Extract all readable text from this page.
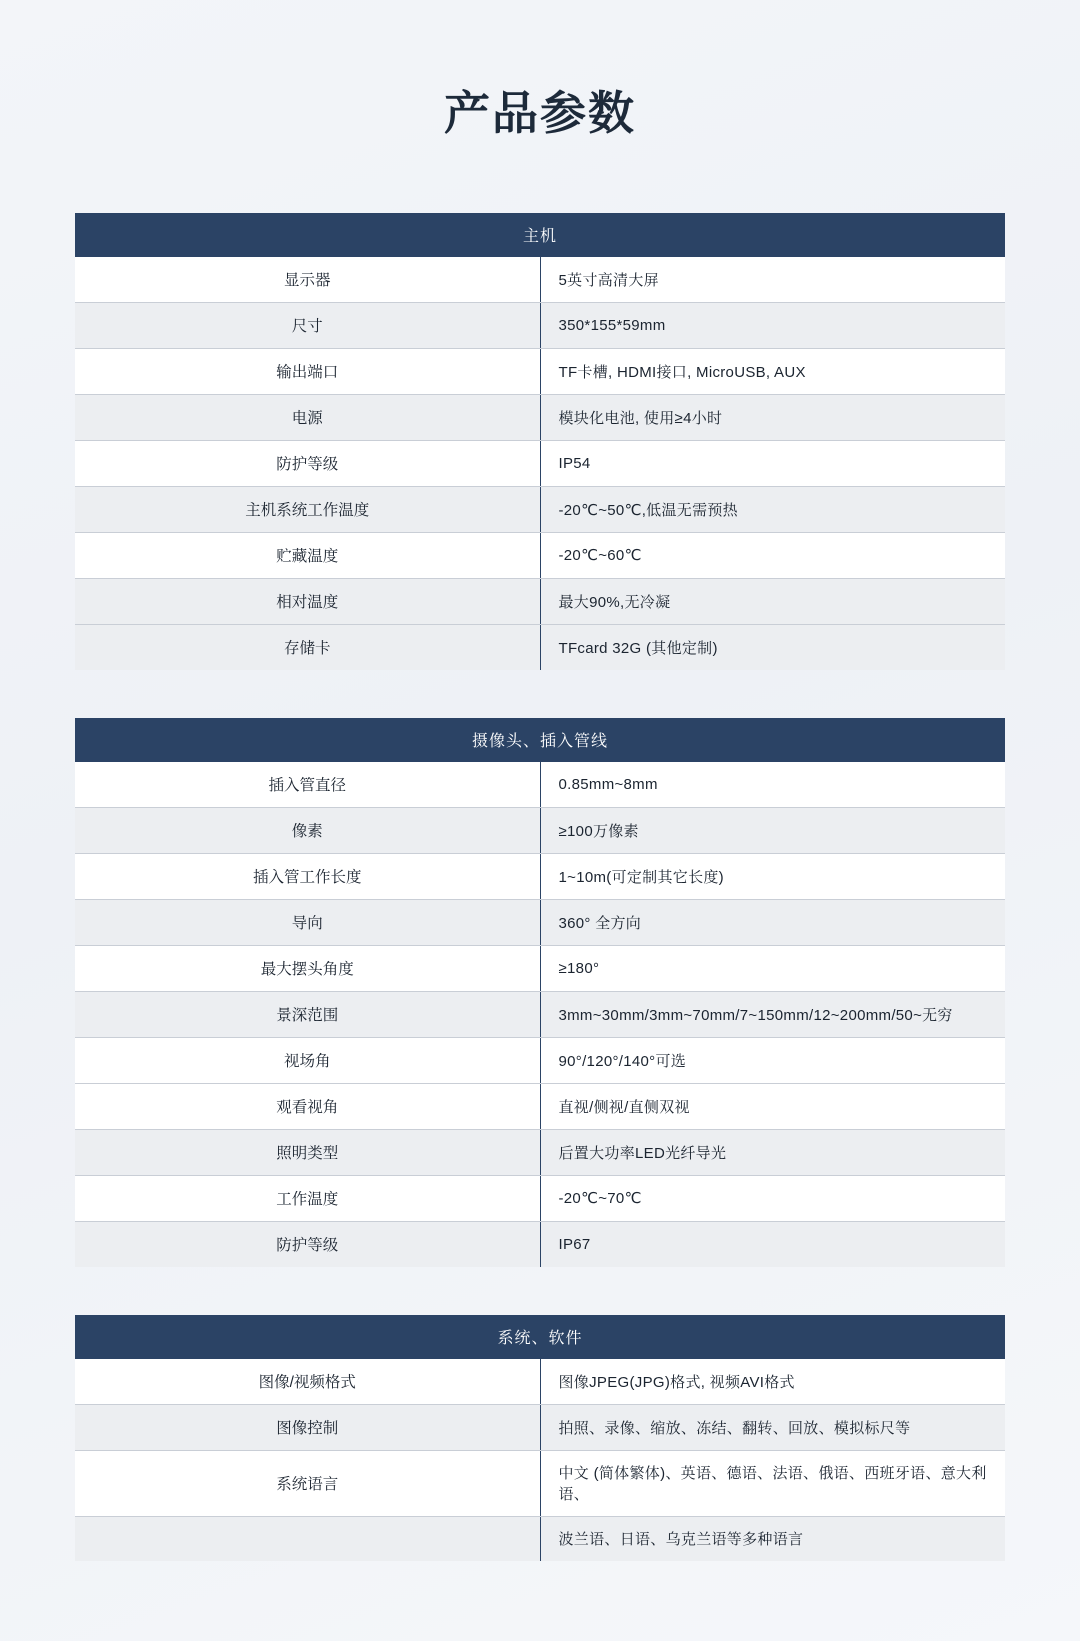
产品参数
主机	
显示器	5英寸高清大屏
尺寸	350*155*59mm
输出端口	TF卡槽, HDMI接口, MicroUSB, AUX
电源	模块化电池, 使用≥4小时
防护等级	IP54
主机系统工作温度	-20℃~50℃,低温无需预热
贮藏温度	-20℃~60℃
相对温度	最大90%,无冷凝
存储卡	TFcard 32G (其他定制)
摄像头、插入管线	
插入管直径	0.85mm~8mm
像素	≥100万像素
插入管工作长度	1~10m(可定制其它长度)
导向	360° 全方向
最大摆头角度	≥180°
景深范围	3mm~30mm/3mm~70mm/7~150mm/12~200mm/50~无穷
视场角	90°/120°/140°可选
观看视角	直视/侧视/直侧双视
照明类型	后置大功率LED光纤导光
工作温度	-20℃~70℃
防护等级	IP67
系统、软件	
图像/视频格式	图像JPEG(JPG)格式, 视频AVI格式
图像控制	拍照、录像、缩放、冻结、翻转、回放、模拟标尺等
系统语言	中文 (简体繁体)、英语、德语、法语、俄语、西班牙语、意大利语、
	波兰语、日语、乌克兰语等多种语言
